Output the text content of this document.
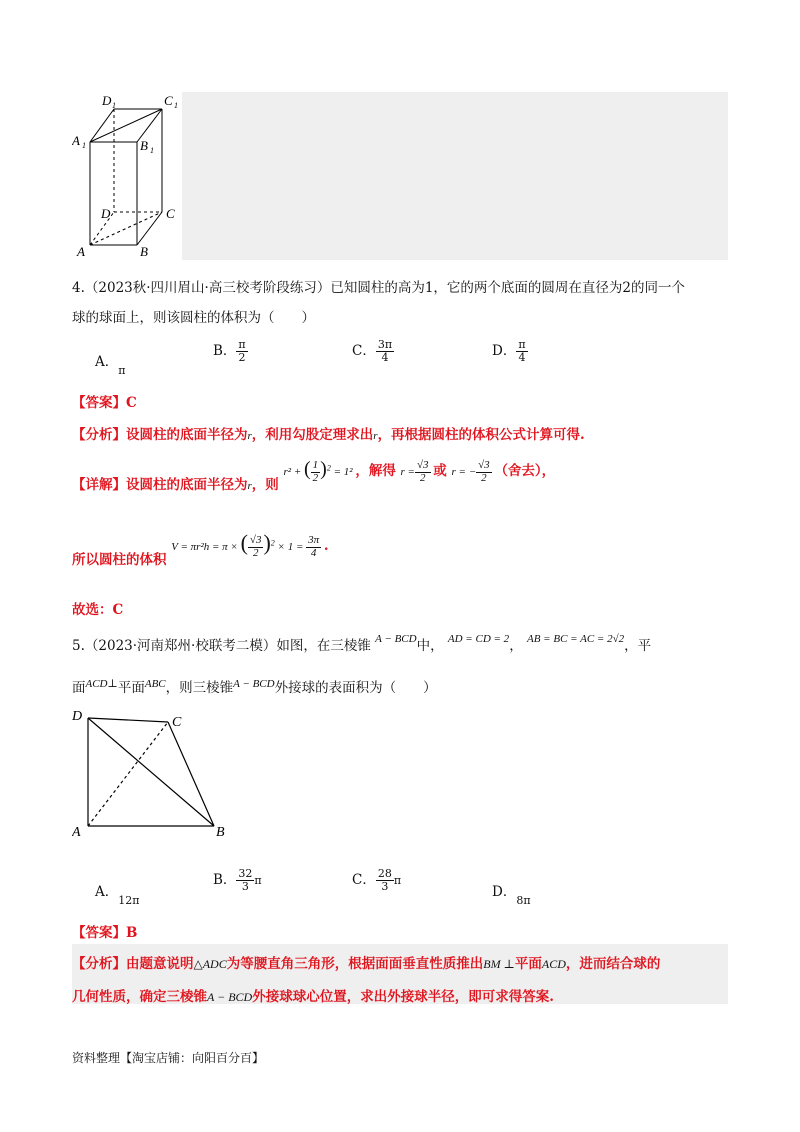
D 1	C 1
A 1	B 1
D	C
A	B
4.（2023秋·四川眉山·高三校考阶段练习）已知圆柱的高为1，它的两个底面的圆周在直径为2的同一个
球的球面上，则该圆柱的体积为（　　）
A．$_\pi$
B． $\frac{\pi}{2}$	C． $\frac{3\pi}{4}$	D． $\frac{\pi}{4}$
【答案】C
【分析】设圆柱的底面半径为r，利用勾股定理求出r，再根据圆柱的体积公式计算可得.
【详解】设圆柱的底面半径为$_r$，则 r² + ( $\frac{1}{2} )^2 = 1^2$ ，解得 $r = \frac{√3}{2}$ 或 r = − $\frac{√3}{2}$ （舍去），
所以圆柱的体积 V = πr²h = π × ( $\frac{√3}{2} )^2 \times 1 = \frac{3\pi}{4}$ .
故选：C
5.（2023·河南郑州·校联考二模）如图，在三棱锥 $^{A - BCD}$中， $^{AD = CD = 2}$， $^{AB = BC = AC = 2√2}$，平
面$^{ACD\perp}$平面$^{ABC}$，则三棱锥$^{A - BCD}$外接球的表面积为（　　）
D	C
A	B
A．$_{12\pi}$
B． $\frac{32}{3}$ π	C． $\frac{28}{3}$ π
D．$_{8\pi}$
【答案】B
【分析】由题意说明△ADC为等腰直角三角形，根据面面垂直性质推出BM ⊥平面ACD，进而结合球的
几何性质，确定三棱锥A − BCD外接球球心位置，求出外接球半径，即可求得答案.
资料整理【淘宝店铺：向阳百分百】
